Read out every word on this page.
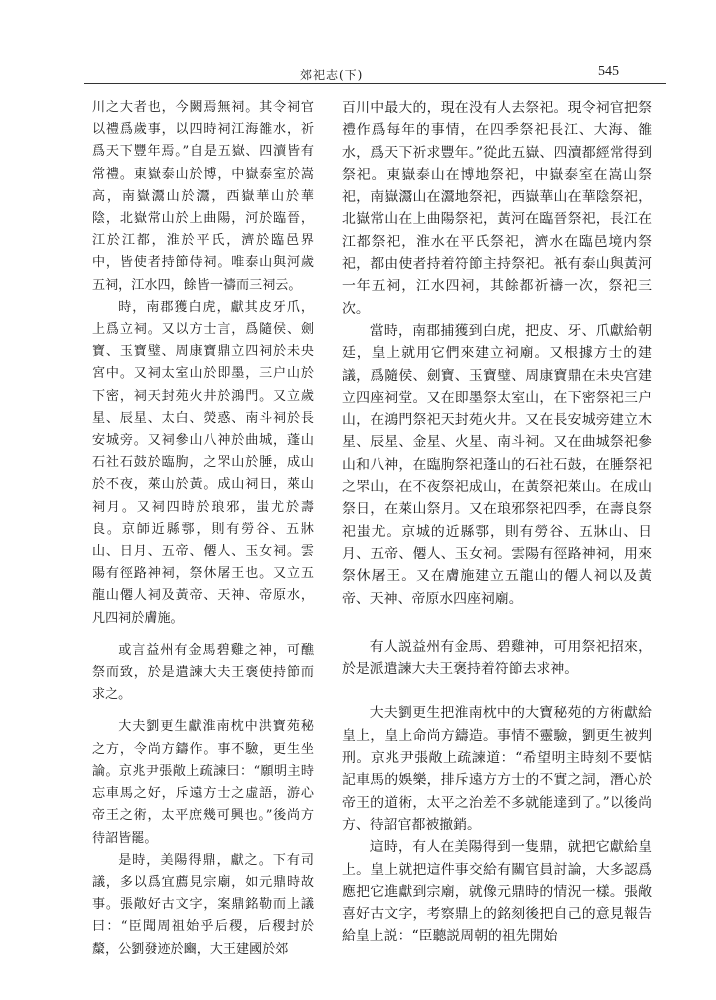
郊祀志(下)	545

川之大者也，今闕焉無祠。其令祠官以禮爲歲事，以四時祠江海雒水，祈爲天下豐年焉。”自是五嶽、四瀆皆有常禮。東嶽泰山於博，中嶽泰室於嵩高，南嶽灊山於灊，西嶽華山於華陰，北嶽常山於上曲陽，河於臨晉，江於江都，淮於平氏，濟於臨邑界中，皆使者持節侍祠。唯泰山與河歲五祠，江水四，餘皆一禱而三祠云。

時，南郡獲白虎，獻其皮牙爪，上爲立祠。又以方士言，爲隨侯、劍寶、玉寶璧、周康寶鼎立四祠於未央宮中。又祠太室山於即墨，三户山於下密，祠天封苑火井於鴻門。又立歲星、辰星、太白、熒惑、南斗祠於長安城旁。又祠參山八神於曲城，蓬山石社石鼓於臨朐，之罘山於腄，成山於不夜，萊山於黃。成山祠日，萊山祠月。又祠四時於琅邪，蚩尤於壽良。京師近縣鄠，則有勞谷、五牀山、日月、五帝、僊人、玉女祠。雲陽有徑路神祠，祭休屠王也。又立五龍山僊人祠及黃帝、天神、帝原水，凡四祠於膚施。

或言益州有金馬碧雞之神，可醮祭而致，於是遣諫大夫王褒使持節而求之。

大夫劉更生獻淮南枕中洪寶苑秘之方，令尚方鑄作。事不驗，更生坐論。京兆尹張敞上疏諫曰：“願明主時忘車馬之好，斥遠方士之虛語，游心帝王之術，太平庶幾可興也。”後尚方待詔皆罷。

是時，美陽得鼎，獻之。下有司議，多以爲宜薦見宗廟，如元鼎時故事。張敞好古文字，案鼎銘勒而上議曰：“臣聞周祖始乎后稷，后稷封於斄，公劉發迹於豳，大王建國於郊

百川中最大的，現在没有人去祭祀。現令祠官把祭禮作爲每年的事情，在四季祭祀長江、大海、雒水，爲天下祈求豐年。”從此五嶽、四瀆都經常得到祭祀。東嶽泰山在博地祭祀，中嶽泰室在嵩山祭祀，南嶽灊山在灊地祭祀，西嶽華山在華陰祭祀，北嶽常山在上曲陽祭祀，黃河在臨晉祭祀，長江在江都祭祀，淮水在平氏祭祀，濟水在臨邑境内祭祀，都由使者持着符節主持祭祀。衹有泰山與黃河一年五祠，江水四祠，其餘都祈禱一次，祭祀三次。

當時，南郡捕獲到白虎，把皮、牙、爪獻給朝廷，皇上就用它們來建立祠廟。又根據方士的建議，爲隨侯、劍寶、玉寶璧、周康寶鼎在未央宫建立四座祠堂。又在即墨祭太室山，在下密祭祀三户山，在鴻門祭祀天封苑火井。又在長安城旁建立木星、辰星、金星、火星、南斗祠。又在曲城祭祀參山和八神，在臨朐祭祀蓬山的石社石鼓，在腄祭祀之罘山，在不夜祭祀成山，在黃祭祀萊山。在成山祭日，在萊山祭月。又在琅邪祭祀四季，在壽良祭祀蚩尤。京城的近縣鄠，則有勞谷、五牀山、日月、五帝、僊人、玉女祠。雲陽有徑路神祠，用來祭休屠王。又在膚施建立五龍山的僊人祠以及黃帝、天神、帝原水四座祠廟。

有人説益州有金馬、碧雞神，可用祭祀招來，於是派遣諫大夫王褒持着符節去求神。

大夫劉更生把淮南枕中的大寶秘苑的方術獻給皇上，皇上命尚方鑄造。事情不靈驗，劉更生被判刑。京兆尹張敞上疏諫道：“希望明主時刻不要惦記車馬的娛樂，排斥遠方方士的不實之詞，潛心於帝王的道術，太平之治差不多就能達到了。”以後尚方、待詔官都被撤銷。

這時，有人在美陽得到一隻鼎，就把它獻給皇上。皇上就把這件事交給有關官員討論，大多認爲應把它進獻到宗廟，就像元鼎時的情況一樣。張敞喜好古文字，考察鼎上的銘刻後把自己的意見報告給皇上説：“臣聽説周朝的祖先開始
